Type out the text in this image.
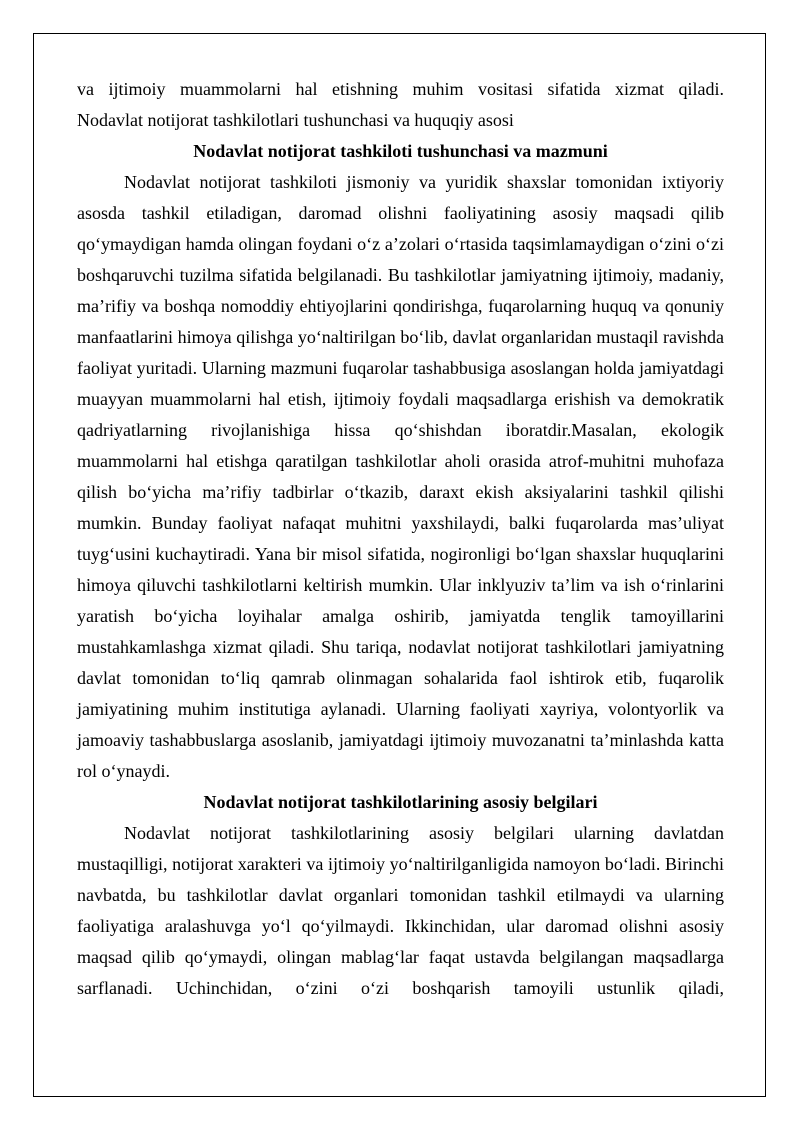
va ijtimoiy muammolarni hal etishning muhim vositasi sifatida xizmat qiladi.

Nodavlat notijorat tashkilotlari tushunchasi va huquqiy asosi

Nodavlat notijorat tashkiloti tushunchasi va mazmuni

Nodavlat notijorat tashkiloti jismoniy va yuridik shaxslar tomonidan ixtiyoriy asosda tashkil etiladigan, daromad olishni faoliyatining asosiy maqsadi qilib qo‘ymaydigan hamda olingan foydani o‘z a’zolari o‘rtasida taqsimlamaydigan o‘zini o‘zi boshqaruvchi tuzilma sifatida belgilanadi. Bu tashkilotlar jamiyatning ijtimoiy, madaniy, ma’rifiy va boshqa nomoddiy ehtiyojlarini qondirishga, fuqarolarning huquq va qonuniy manfaatlarini himoya qilishga yo‘naltirilgan bo‘lib, davlat organlaridan mustaqil ravishda faoliyat yuritadi. Ularning mazmuni fuqarolar tashabbusiga asoslangan holda jamiyatdagi muayyan muammolarni hal etish, ijtimoiy foydali maqsadlarga erishish va demokratik qadriyatlarning rivojlanishiga hissa qo‘shishdan iboratdir.Masalan, ekologik muammolarni hal etishga qaratilgan tashkilotlar aholi orasida atrof-muhitni muhofaza qilish bo‘yicha ma’rifiy tadbirlar o‘tkazib, daraxt ekish aksiyalarini tashkil qilishi mumkin. Bunday faoliyat nafaqat muhitni yaxshilaydi, balki fuqarolarda mas’uliyat tuyg‘usini kuchaytiradi. Yana bir misol sifatida, nogironligi bo‘lgan shaxslar huquqlarini himoya qiluvchi tashkilotlarni keltirish mumkin. Ular inklyuziv ta’lim va ish o‘rinlarini yaratish bo‘yicha loyihalar amalga oshirib, jamiyatda tenglik tamoyillarini mustahkamlashga xizmat qiladi. Shu tariqa, nodavlat notijorat tashkilotlari jamiyatning davlat tomonidan to‘liq qamrab olinmagan sohalarida faol ishtirok etib, fuqarolik jamiyatining muhim institutiga aylanadi. Ularning faoliyati xayriya, volontyorlik va jamoaviy tashabbuslarga asoslanib, jamiyatdagi ijtimoiy muvozanatni ta’minlashda katta rol o‘ynaydi.

Nodavlat notijorat tashkilotlarining asosiy belgilari

Nodavlat notijorat tashkilotlarining asosiy belgilari ularning davlatdan mustaqilligi, notijorat xarakteri va ijtimoiy yo‘naltirilganligida namoyon bo‘ladi. Birinchi navbatda, bu tashkilotlar davlat organlari tomonidan tashkil etilmaydi va ularning faoliyatiga aralashuvga yo‘l qo‘yilmaydi. Ikkinchidan, ular daromad olishni asosiy maqsad qilib qo‘ymaydi, olingan mablag‘lar faqat ustavda belgilangan maqsadlarga sarflanadi. Uchinchidan, o‘zini o‘zi boshqarish tamoyili ustunlik qiladi,
